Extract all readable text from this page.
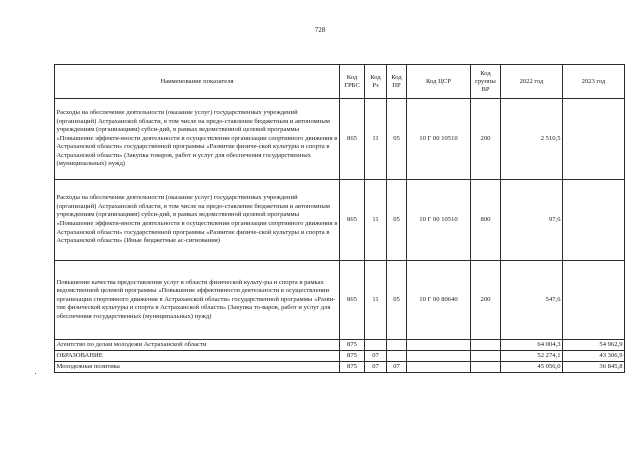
728
Наименование показателя	Код ГРБС	Код Рз	Код ПР	Код ЦСР	Код группы ВР	2022 год	2023 год
Расходы на обеспечение деятельности (оказание услуг) государственных учреждений (организаций) Астраханской области, в том числе на предо-ставление бюджетным и автономным учреждениям (организациям) субси-дий, в рамках ведомственной целевой программы «Повышение эффекти-вности деятельности в осуществлении организации спортивного движения в Астраханской области» государственной программы «Развитие физиче-ской культуры и спорта в Астраханской области» (Закупка товаров, работ и услуг для обеспечения государственных (муниципальных) нужд)	865	11	05	10 Г 00 10510	200	2 510,5	
Расходы на обеспечение деятельности (оказание услуг) государственных учреждений (организаций) Астраханской области, в том числе на предо-ставление бюджетным и автономным учреждениям (организациям) субси-дий, в рамках ведомственной целевой программы «Повышение эффекти-вности деятельности в осуществлении организации спортивного движения в Астраханской области» государственной программы «Развитие физиче-ской культуры и спорта в Астраханской области» (Иные бюджетные ас-сигнования)	865	11	05	10 Г 00 10510	800	97,6	
Повышение качества предоставления услуг в области физической культу-ры и спорта в рамках ведомственной целевой программы «Повышение эффективности деятельности в осуществлении организации спортивного движения в Астраханской области» государственной программы «Разви-тие физической культуры и спорта в Астраханской области» (Закупка то-варов, работ и услуг для обеспечения государственных (муниципальных) нужд)	865	11	05	10 Г 00 80640	200	547,6	
Агентство по делам молодежи Астраханской области	875					64 004,3	54 962,9
ОБРАЗОВАНИЕ	875	07				52 274,1	43 306,9
Молодежная политика	875	07	07			45 056,0	36 845,8
